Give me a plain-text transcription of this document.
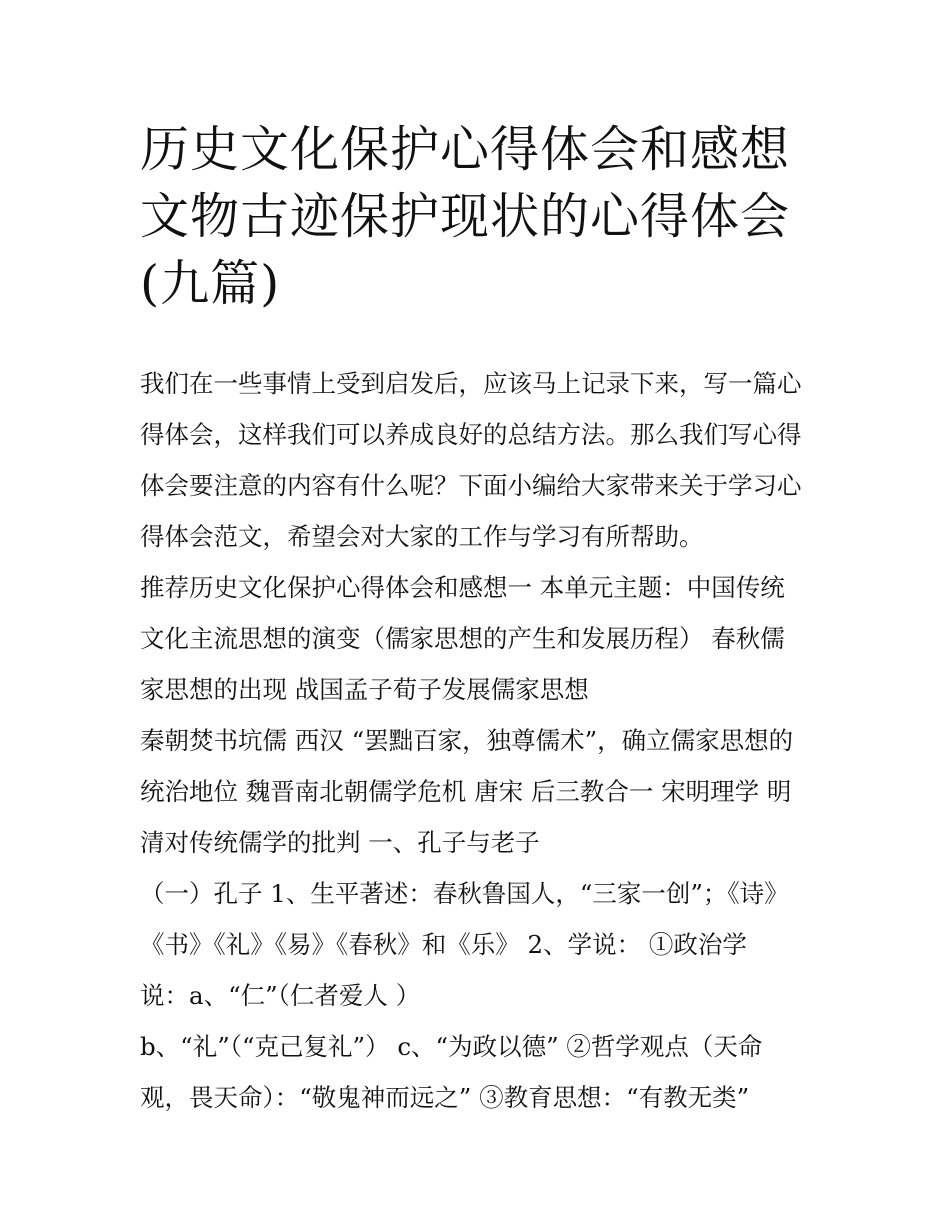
历史文化保护心得体会和感想
文物古迹保护现状的心得体会
(九篇)
我们在一些事情上受到启发后，应该马上记录下来，写一篇心
得体会，这样我们可以养成良好的总结方法。那么我们写心得
体会要注意的内容有什么呢？下面小编给大家带来关于学习心
得体会范文，希望会对大家的工作与学习有所帮助。
推荐历史文化保护心得体会和感想一 本单元主题：中国传统
文化主流思想的演变（儒家思想的产生和发展历程） 春秋儒
家思想的出现 战国孟子荀子发展儒家思想
秦朝焚书坑儒 西汉 “罢黜百家，独尊儒术”，确立儒家思想的
统治地位 魏晋南北朝儒学危机 唐宋 后三教合一 宋明理学 明
清对传统儒学的批判 一、孔子与老子
（一）孔子 1、生平著述：春秋鲁国人，“三家一创”；《诗》
《书》《礼》《易》《春秋》和《乐》 2、学说： ①政治学
说：a、“仁”（仁者爱人 ）
b、“礼”（“克己复礼”） c、“为政以德” ②哲学观点（天命
观，畏天命）：“敬鬼神而远之” ③教育思想：“有教无类”
